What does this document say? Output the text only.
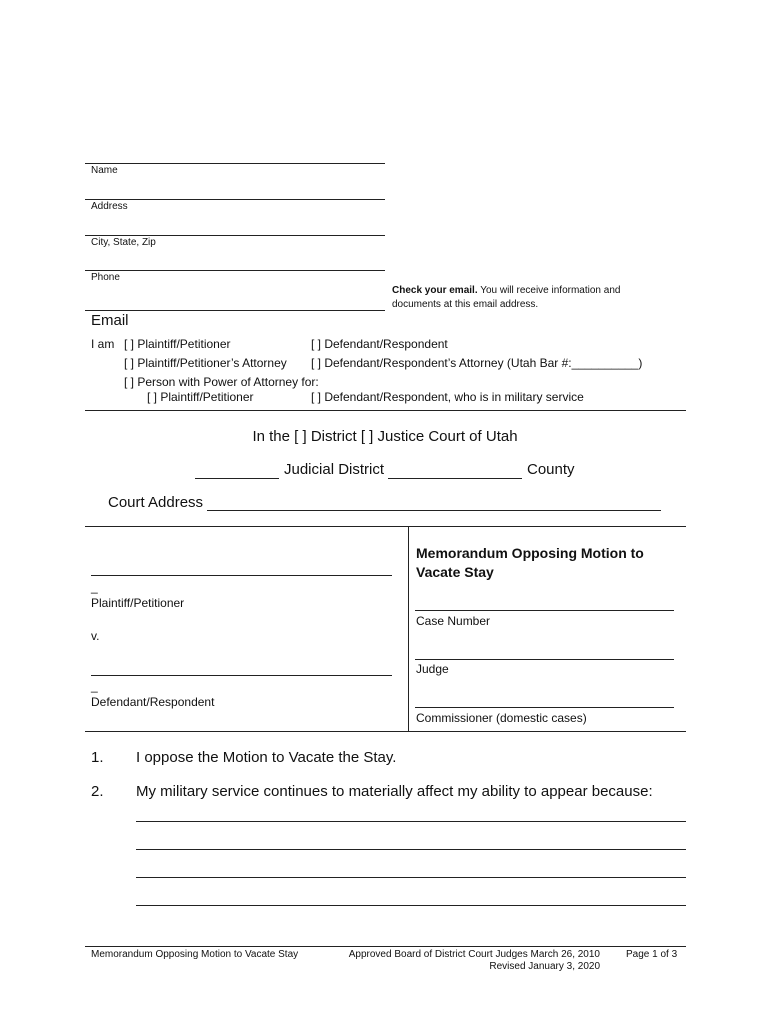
Name
Address
City, State, Zip
Phone
Check your email. You will receive information and
documents at this email address.
Email
I am [ ] Plaintiff/Petitioner	[ ] Defendant/Respondent
[ ] Plaintiff/Petitioner’s Attorney [ ] Defendant/Respondent’s Attorney (Utah Bar #:__________)
[ ] Person with Power of Attorney for:
[ ] Plaintiff/Petitioner	[ ] Defendant/Respondent, who is in military service
In the [ ] District [ ] Justice Court of Utah
Judicial District	County
Court Address
_
Plaintiff/Petitioner
v.
_
Defendant/Respondent
Memorandum Opposing Motion to
Vacate Stay
Case Number
Judge
Commissioner (domestic cases)
1. I oppose the Motion to Vacate the Stay.
2. My military service continues to materially affect my ability to appear because:
Memorandum Opposing Motion to Vacate Stay	Approved Board of District Court Judges March 26, 2010
Revised January 3, 2020
Page 1 of 3
